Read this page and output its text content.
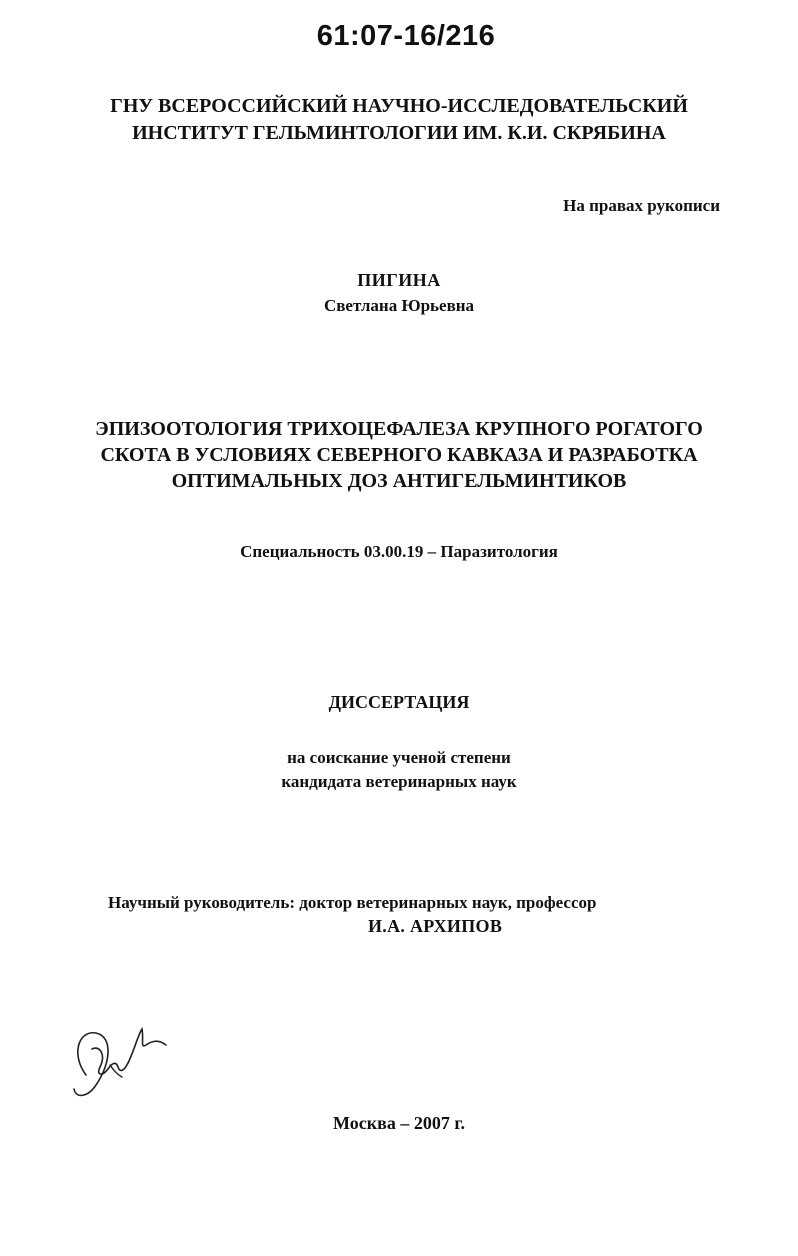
61:07-16/216
ГНУ ВСЕРОССИЙСКИЙ НАУЧНО-ИССЛЕДОВАТЕЛЬСКИЙ
ИНСТИТУТ ГЕЛЬМИНТОЛОГИИ ИМ. К.И. СКРЯБИНА
На правах рукописи
ПИГИНА
Светлана Юрьевна
ЭПИЗООТОЛОГИЯ ТРИХОЦЕФАЛЕЗА КРУПНОГО РОГАТОГО
СКОТА В УСЛОВИЯХ СЕВЕРНОГО КАВКАЗА И РАЗРАБОТКА
ОПТИМАЛЬНЫХ ДОЗ АНТИГЕЛЬМИНТИКОВ
Специальность 03.00.19 – Паразитология
ДИССЕРТАЦИЯ
на соискание ученой степени
кандидата ветеринарных наук
Научный руководитель: доктор ветеринарных наук, профессор
И.А. АРХИПОВ
Москва – 2007 г.
